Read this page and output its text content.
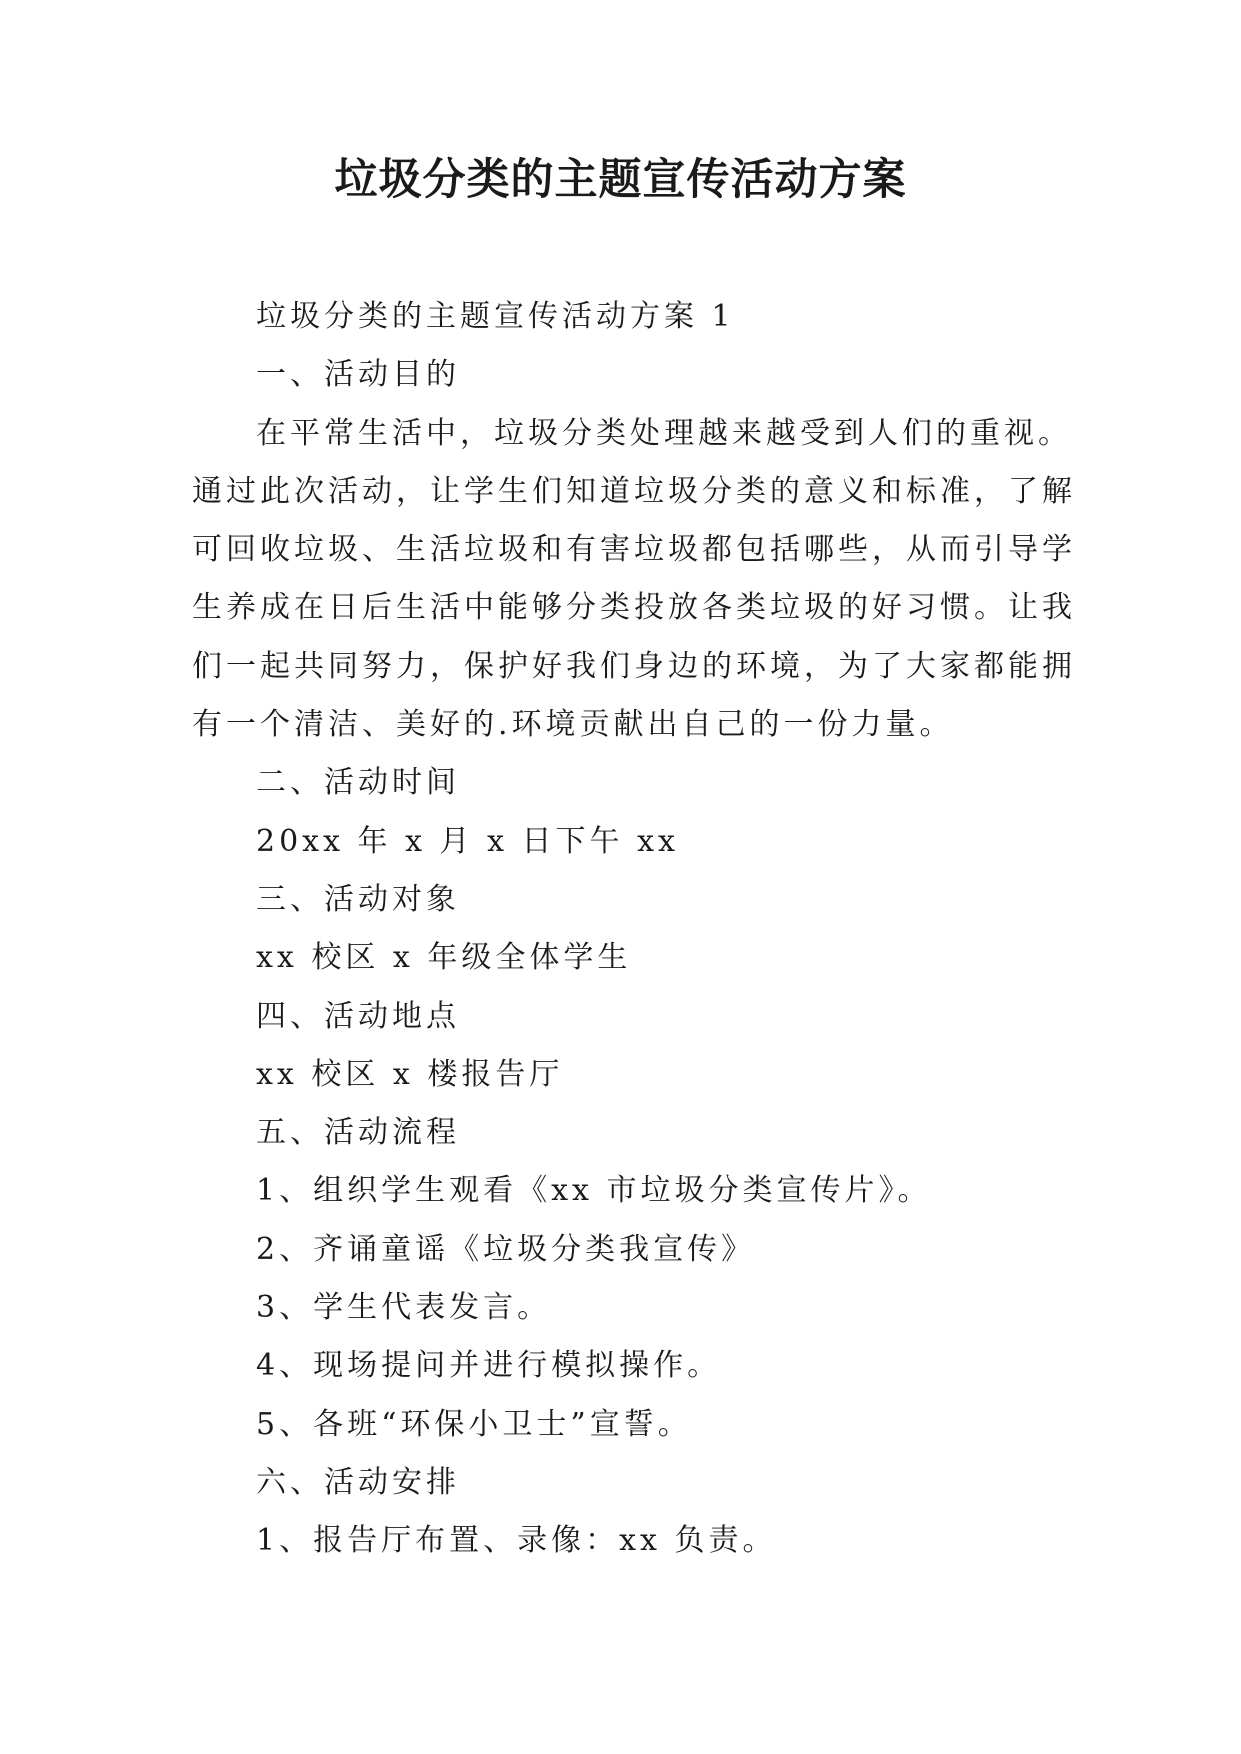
垃圾分类的主题宣传活动方案

垃圾分类的主题宣传活动方案 1

一、活动目的

在平常生活中，垃圾分类处理越来越受到人们的重视。

通过此次活动，让学生们知道垃圾分类的意义和标准，了解

可回收垃圾、生活垃圾和有害垃圾都包括哪些，从而引导学

生养成在日后生活中能够分类投放各类垃圾的好习惯。让我

们一起共同努力，保护好我们身边的环境，为了大家都能拥

有一个清洁、美好的.环境贡献出自己的一份力量。

二、活动时间

20xx 年 x 月 x 日下午 xx

三、活动对象

xx 校区 x 年级全体学生

四、活动地点

xx 校区 x 楼报告厅

五、活动流程

1、组织学生观看《xx 市垃圾分类宣传片》。

2、齐诵童谣《垃圾分类我宣传》

3、学生代表发言。

4、现场提问并进行模拟操作。

5、各班“环保小卫士”宣誓。

六、活动安排

1、报告厅布置、录像：xx 负责。
